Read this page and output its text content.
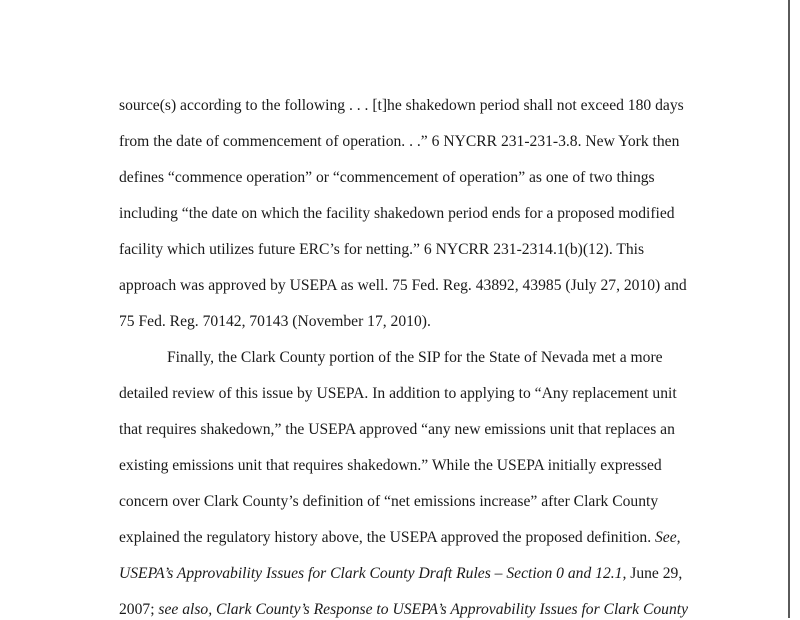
source(s) according to the following . . . [t]he shakedown period shall not exceed 180 days
from the date of commencement of operation. . .” 6 NYCRR 231-231-3.8. New York then
defines “commence operation” or “commencement of operation” as one of two things
including “the date on which the facility shakedown period ends for a proposed modified
facility which utilizes future ERC’s for netting.” 6 NYCRR 231-2314.1(b)(12). This
approach was approved by USEPA as well. 75 Fed. Reg. 43892, 43985 (July 27, 2010) and
75 Fed. Reg. 70142, 70143 (November 17, 2010).
Finally, the Clark County portion of the SIP for the State of Nevada met a more
detailed review of this issue by USEPA. In addition to applying to “Any replacement unit
that requires shakedown,” the USEPA approved “any new emissions unit that replaces an
existing emissions unit that requires shakedown.” While the USEPA initially expressed
concern over Clark County’s definition of “net emissions increase” after Clark County
explained the regulatory history above, the USEPA approved the proposed definition. See,
USEPA’s Approvability Issues for Clark County Draft Rules – Section 0 and 12.1, June 29,
2007; see also, Clark County’s Response to USEPA’s Approvability Issues for Clark County
